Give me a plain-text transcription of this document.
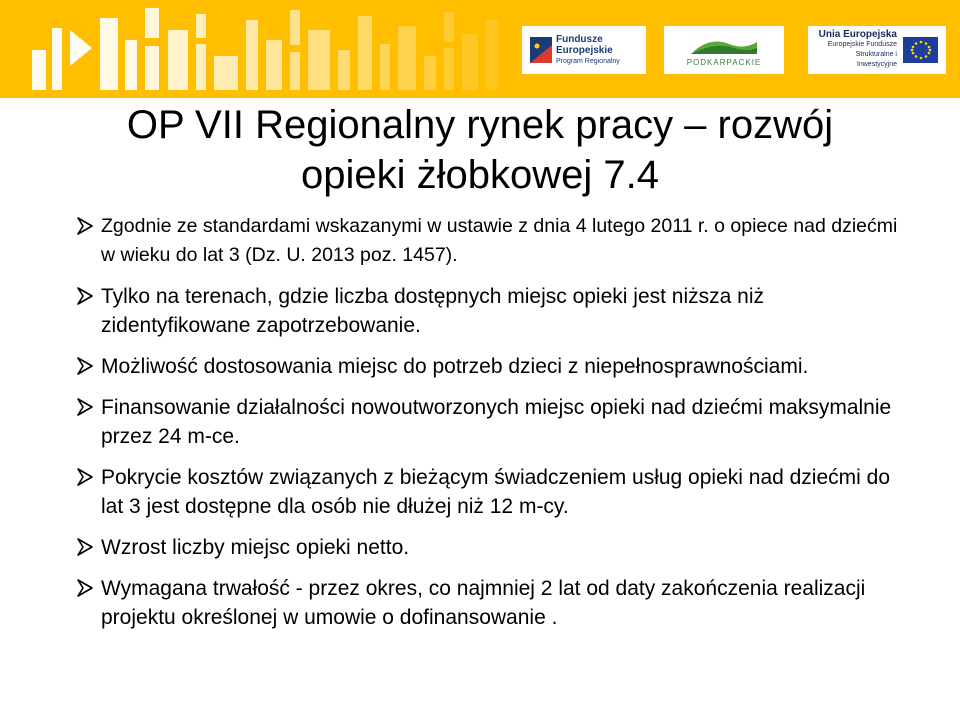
Fundusze
Europejskie
Program Regionalny	PODKARPACKIE
Unia Europejska
Europejskie Fundusze
Strukturalne i Inwestycyjne
OP VII Regionalny rynek pracy – rozwój
opieki żłobkowej 7.4
Zgodnie ze standardami wskazanymi w ustawie z dnia 4 lutego 2011 r. o opiece nad dziećmi w wieku do lat 3 (Dz. U. 2013 poz. 1457).
Tylko na terenach, gdzie liczba dostępnych miejsc opieki jest niższa niż zidentyfikowane zapotrzebowanie.
Możliwość dostosowania miejsc do potrzeb dzieci z niepełnosprawnościami.
Finansowanie działalności nowoutworzonych miejsc opieki nad dziećmi maksymalnie przez 24 m-ce.
Pokrycie kosztów związanych z bieżącym świadczeniem usług opieki nad dziećmi do lat 3 jest dostępne dla osób nie dłużej niż 12 m-cy.
Wzrost liczby miejsc opieki netto.
Wymagana trwałość - przez okres, co najmniej 2 lat od daty zakończenia realizacji projektu określonej w umowie o dofinansowanie .
